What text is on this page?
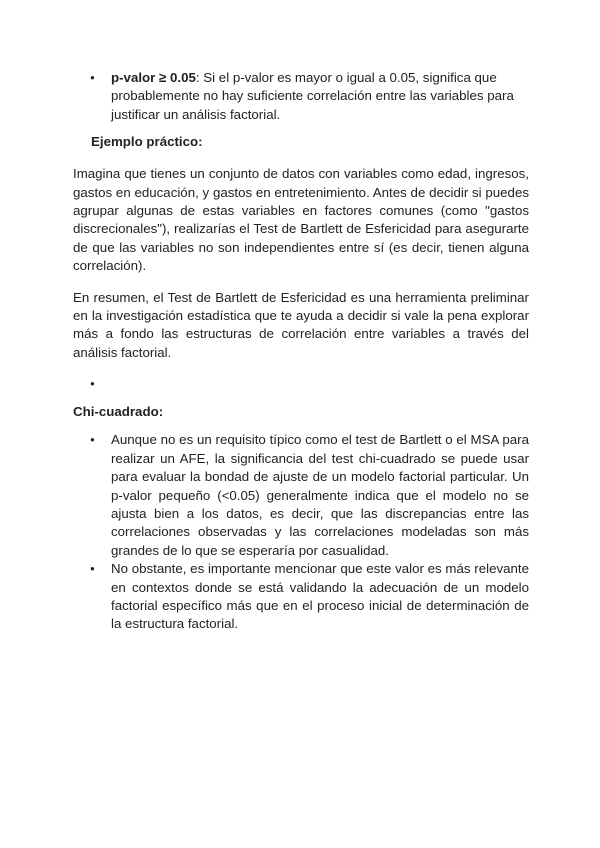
● p-valor ≥ 0.05: Si el p-valor es mayor o igual a 0.05, significa que probablemente no hay suficiente correlación entre las variables para justificar un análisis factorial.
Ejemplo práctico:

Imagina que tienes un conjunto de datos con variables como edad, ingresos, gastos en educación, y gastos en entretenimiento. Antes de decidir si puedes agrupar algunas de estas variables en factores comunes (como "gastos discrecionales"), realizarías el Test de Bartlett de Esfericidad para asegurarte de que las variables no son independientes entre sí (es decir, tienen alguna correlación).

En resumen, el Test de Bartlett de Esfericidad es una herramienta preliminar en la investigación estadística que te ayuda a decidir si vale la pena explorar más a fondo las estructuras de correlación entre variables a través del análisis factorial.

●
Chi-cuadrado:
● Aunque no es un requisito típico como el test de Bartlett o el MSA para realizar un AFE, la significancia del test chi-cuadrado se puede usar para evaluar la bondad de ajuste de un modelo factorial particular. Un p-valor pequeño (<0.05) generalmente indica que el modelo no se ajusta bien a los datos, es decir, que las discrepancias entre las correlaciones observadas y las correlaciones modeladas son más grandes de lo que se esperaría por casualidad.
● No obstante, es importante mencionar que este valor es más relevante en contextos donde se está validando la adecuación de un modelo factorial específico más que en el proceso inicial de determinación de la estructura factorial.
